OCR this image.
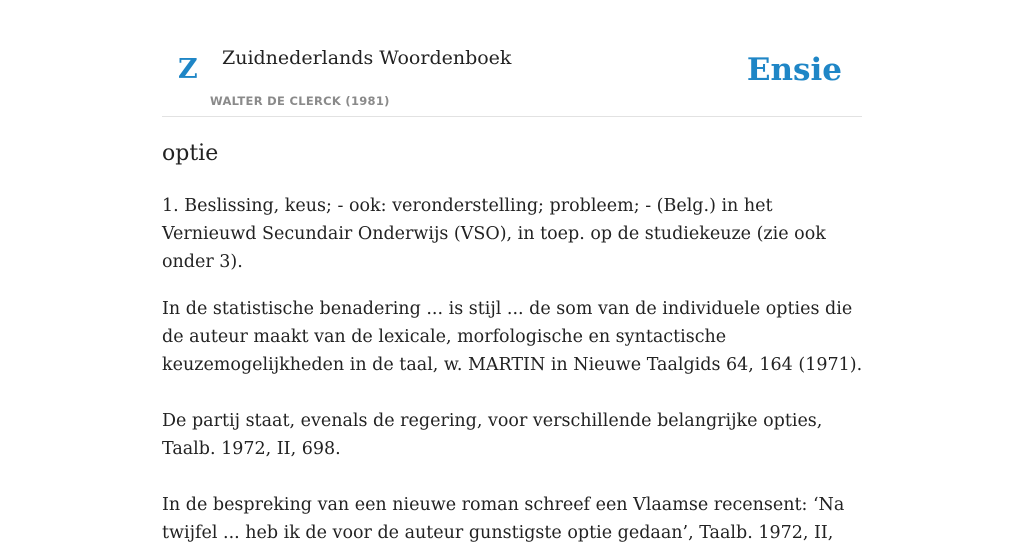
Z Zuidnederlands Woordenboek
WALTER DE CLERCK (1981)
Ensie
optie

1. Beslissing, keus; - ook: veronderstelling; probleem; - (Belg.) in het Vernieuwd Secundair Onderwijs (VSO), in toep. op de studiekeuze (zie ook onder 3).

In de statistische benadering ... is stijl ... de som van de individuele opties die de auteur maakt van de lexicale, morfologische en syntactische keuzemogelijkheden in de taal, w. MARTIN in Nieuwe Taalgids 64, 164 (1971).

De partij staat, evenals de regering, voor verschillende belangrijke opties, Taalb. 1972, II, 698.

In de bespreking van een nieuwe roman schreef een Vlaamse recensent: ‘Na twijfel ... heb ik de voor de auteur gunstigste optie gedaan’, Taalb. 1972, II,
